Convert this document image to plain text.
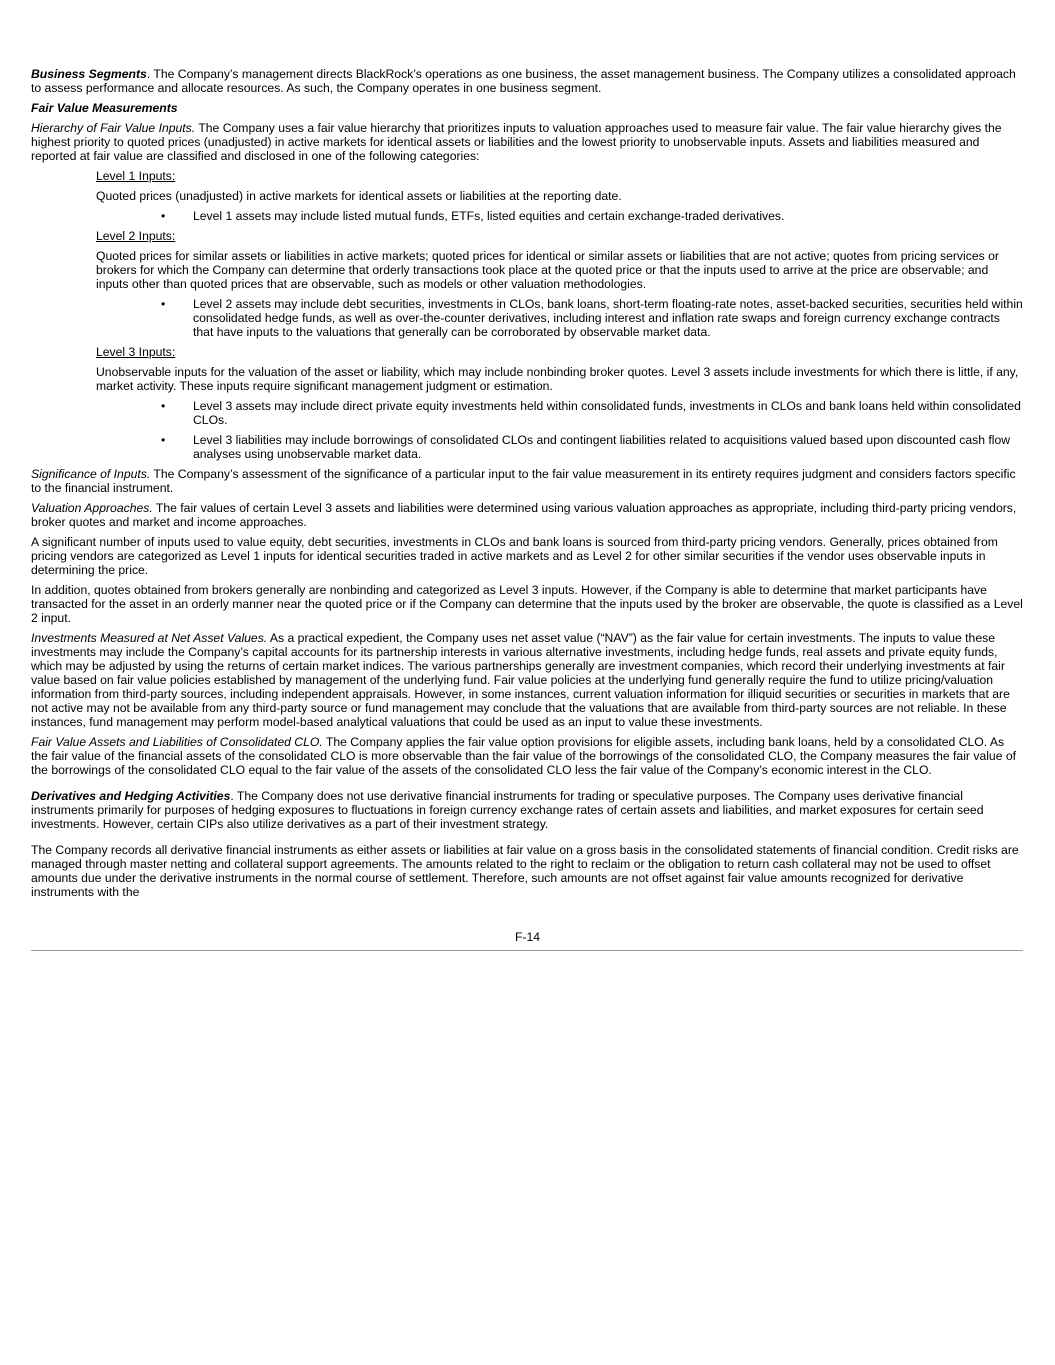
Business Segments. The Company’s management directs BlackRock’s operations as one business, the asset management business. The Company utilizes a consolidated approach to assess performance and allocate resources. As such, the Company operates in one business segment.

Fair Value Measurements

Hierarchy of Fair Value Inputs. The Company uses a fair value hierarchy that prioritizes inputs to valuation approaches used to measure fair value. The fair value hierarchy gives the highest priority to quoted prices (unadjusted) in active markets for identical assets or liabilities and the lowest priority to unobservable inputs. Assets and liabilities measured and reported at fair value are classified and disclosed in one of the following categories:

Level 1 Inputs:

Quoted prices (unadjusted) in active markets for identical assets or liabilities at the reporting date.

•	Level 1 assets may include listed mutual funds, ETFs, listed equities and certain exchange-traded derivatives.

Level 2 Inputs:

Quoted prices for similar assets or liabilities in active markets; quoted prices for identical or similar assets or liabilities that are not active; quotes from pricing services or brokers for which the Company can determine that orderly transactions took place at the quoted price or that the inputs used to arrive at the price are observable; and inputs other than quoted prices that are observable, such as models or other valuation methodologies.

•	Level 2 assets may include debt securities, investments in CLOs, bank loans, short-term floating-rate notes, asset-backed securities, securities held within consolidated hedge funds, as well as over-the-counter derivatives, including interest and inflation rate swaps and foreign currency exchange contracts that have inputs to the valuations that generally can be corroborated by observable market data.

Level 3 Inputs:

Unobservable inputs for the valuation of the asset or liability, which may include nonbinding broker quotes. Level 3 assets include investments for which there is little, if any, market activity. These inputs require significant management judgment or estimation.

•	Level 3 assets may include direct private equity investments held within consolidated funds, investments in CLOs and bank loans held within consolidated CLOs.
•	Level 3 liabilities may include borrowings of consolidated CLOs and contingent liabilities related to acquisitions valued based upon discounted cash flow analyses using unobservable market data.

Significance of Inputs. The Company’s assessment of the significance of a particular input to the fair value measurement in its entirety requires judgment and considers factors specific to the financial instrument.

Valuation Approaches. The fair values of certain Level 3 assets and liabilities were determined using various valuation approaches as appropriate, including third-party pricing vendors, broker quotes and market and income approaches.

A significant number of inputs used to value equity, debt securities, investments in CLOs and bank loans is sourced from third-party pricing vendors. Generally, prices obtained from pricing vendors are categorized as Level 1 inputs for identical securities traded in active markets and as Level 2 for other similar securities if the vendor uses observable inputs in determining the price.

In addition, quotes obtained from brokers generally are nonbinding and categorized as Level 3 inputs. However, if the Company is able to determine that market participants have transacted for the asset in an orderly manner near the quoted price or if the Company can determine that the inputs used by the broker are observable, the quote is classified as a Level 2 input.

Investments Measured at Net Asset Values. As a practical expedient, the Company uses net asset value (“NAV”) as the fair value for certain investments. The inputs to value these investments may include the Company’s capital accounts for its partnership interests in various alternative investments, including hedge funds, real assets and private equity funds, which may be adjusted by using the returns of certain market indices. The various partnerships generally are investment companies, which record their underlying investments at fair value based on fair value policies established by management of the underlying fund. Fair value policies at the underlying fund generally require the fund to utilize pricing/valuation information from third-party sources, including independent appraisals. However, in some instances, current valuation information for illiquid securities or securities in markets that are not active may not be available from any third-party source or fund management may conclude that the valuations that are available from third-party sources are not reliable. In these instances, fund management may perform model-based analytical valuations that could be used as an input to value these investments.

Fair Value Assets and Liabilities of Consolidated CLO. The Company applies the fair value option provisions for eligible assets, including bank loans, held by a consolidated CLO. As the fair value of the financial assets of the consolidated CLO is more observable than the fair value of the borrowings of the consolidated CLO, the Company measures the fair value of the borrowings of the consolidated CLO equal to the fair value of the assets of the consolidated CLO less the fair value of the Company’s economic interest in the CLO.

Derivatives and Hedging Activities. The Company does not use derivative financial instruments for trading or speculative purposes. The Company uses derivative financial instruments primarily for purposes of hedging exposures to fluctuations in foreign currency exchange rates of certain assets and liabilities, and market exposures for certain seed investments. However, certain CIPs also utilize derivatives as a part of their investment strategy.

The Company records all derivative financial instruments as either assets or liabilities at fair value on a gross basis in the consolidated statements of financial condition. Credit risks are managed through master netting and collateral support agreements. The amounts related to the right to reclaim or the obligation to return cash collateral may not be used to offset amounts due under the derivative instruments in the normal course of settlement. Therefore, such amounts are not offset against fair value amounts recognized for derivative instruments with the

F-14
